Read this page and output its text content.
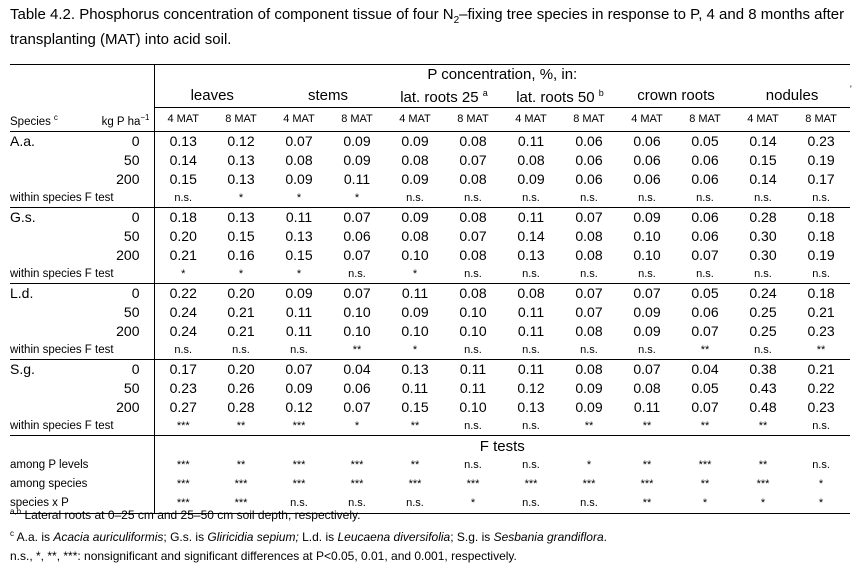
Table 4.2. Phosphorus concentration of component tissue of four $N_2$–fixing tree species in response to P, 4 and 8 months after transplanting (MAT) into acid soil.
'
		P concentration, %, in:											
		leaves		stems		lat. roots 25 $^a$		lat. roots 50 $^b$		crown roots		nodules	
Species $^c$	kg P $ha^{-1}$	4 MAT	8 MAT	4 MAT	8 MAT	4 MAT	8 MAT	4 MAT	8 MAT	4 MAT	8 MAT	4 MAT	8 MAT
A.a.	0	0.13	0.12	0.07	0.09	0.09	0.08	0.11	0.06	0.06	0.05	0.14	0.23
	50	0.14	0.13	0.08	0.09	0.08	0.07	0.08	0.06	0.06	0.06	0.15	0.19
	200	0.15	0.13	0.09	0.11	0.09	0.08	0.09	0.06	0.06	0.06	0.14	0.17
within species F test		n.s.	*	*	*	n.s.	n.s.	n.s.	n.s.	n.s.	n.s.	n.s.	n.s.
G.s.	0	0.18	0.13	0.11	0.07	0.09	0.08	0.11	0.07	0.09	0.06	0.28	0.18
	50	0.20	0.15	0.13	0.06	0.08	0.07	0.14	0.08	0.10	0.06	0.30	0.18
	200	0.21	0.16	0.15	0.07	0.10	0.08	0.13	0.08	0.10	0.07	0.30	0.19
within species F test		*	*	*	n.s.	*	n.s.	n.s.	n.s.	n.s.	n.s.	n.s.	n.s.
L.d.	0	0.22	0.20	0.09	0.07	0.11	0.08	0.08	0.07	0.07	0.05	0.24	0.18
	50	0.24	0.21	0.11	0.10	0.09	0.10	0.11	0.07	0.09	0.06	0.25	0.21
	200	0.24	0.21	0.11	0.10	0.10	0.10	0.11	0.08	0.09	0.07	0.25	0.23
within species F test		n.s.	n.s.	n.s.	**	*	n.s.	n.s.	n.s.	n.s.	**	n.s.	**
S.g.	0	0.17	0.20	0.07	0.04	0.13	0.11	0.11	0.08	0.07	0.04	0.38	0.21
	50	0.23	0.26	0.09	0.06	0.11	0.11	0.12	0.09	0.08	0.05	0.43	0.22
	200	0.27	0.28	0.12	0.07	0.15	0.10	0.13	0.09	0.11	0.07	0.48	0.23
within species F test		***	**	***	*	**	n.s.	n.s.	**	**	**	**	n.s.
		F tests											
among P levels		***	**	***	***	**	n.s.	n.s.	*	**	***	**	n.s.
among species		***	***	***	***	***	***	***	***	***	**	***	*
species x P		***	***	n.s.	n.s.	n.s.	*	n.s.	n.s.	**	*	*	*
$^{a,b}$ Lateral roots at 0–25 cm and 25–50 cm soil depth, respectively.
$^c$ A.a. is Acacia auriculiformis; G.s. is Gliricidia sepium; L.d. is Leucaena diversifolia; S.g. is Sesbania grandiflora.
n.s., *, **, ***: nonsignificant and significant differences at P<0.05, 0.01, and 0.001, respectively.
